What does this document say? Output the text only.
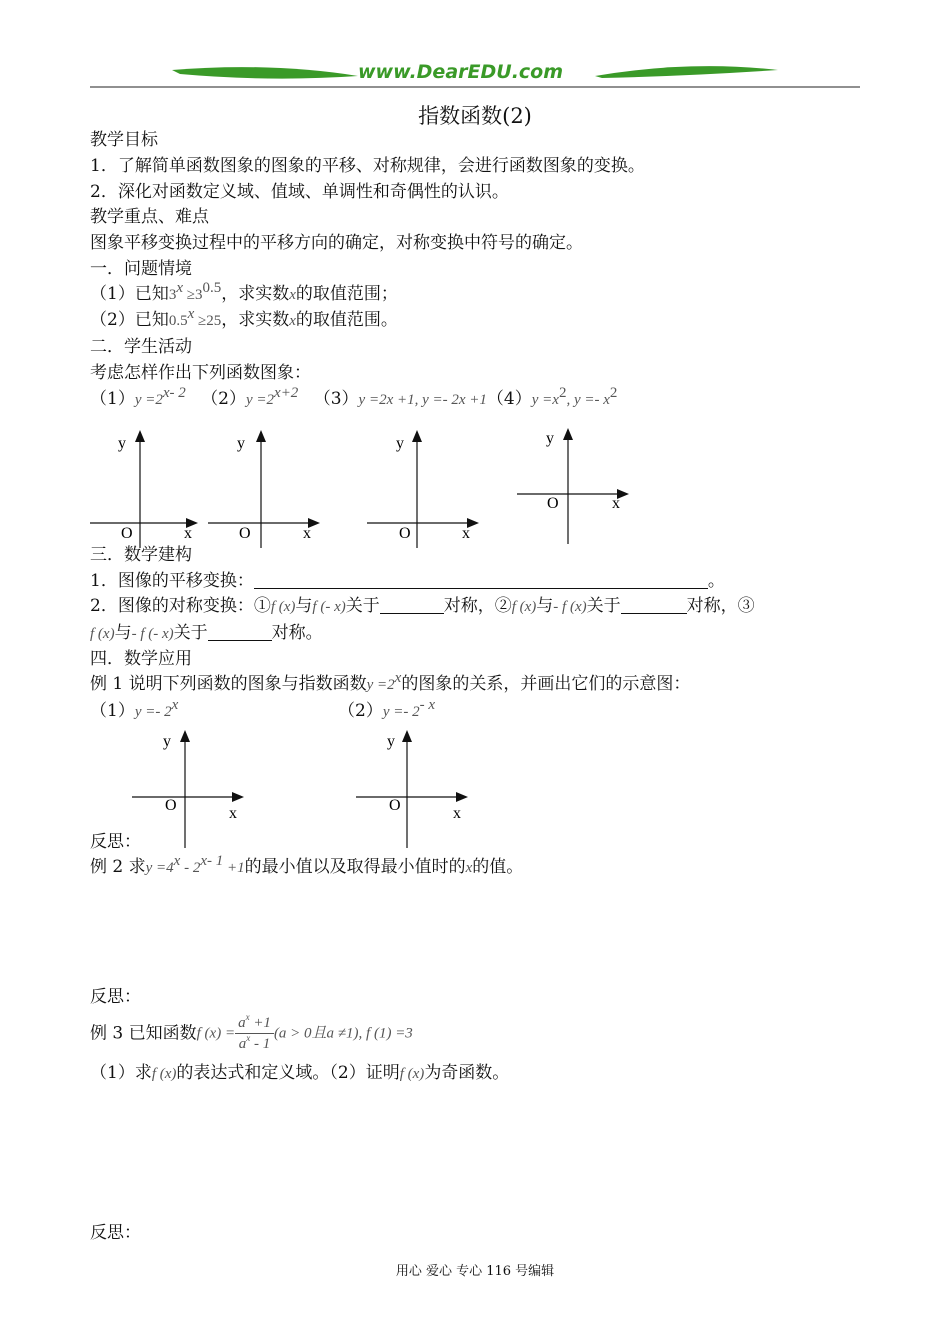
www.DearEDU.com
指数函数(2)
教学目标
1．了解简单函数图象的图象的平移、对称规律，会进行函数图象的变换。
2．深化对函数定义域、值域、单调性和奇偶性的认识。
教学重点、难点
图象平移变换过程中的平移方向的确定，对称变换中符号的确定。
一．问题情境
（1）已知$3^x \ge 3^{0.5}$，求实数x的取值范围；
（2）已知$0.5^x \ge 25$，求实数x的取值范围。
二．学生活动
考虑怎样作出下列函数图象：
$(1)y =2^{x- 2}$ $(2)y =2^{x+2}$ （3）y =2x +1, $y =- 2x +1(4)y =x^2$, $y =- x^2$
y
O	x
y
O	x
y
O	x
y
O	x
三．数学建构
1．图像的平移变换：	。
2．图像的对称变换：①f (x)与f (- x)关于	对称，②f (x)与- f (x)关于	对称，③
f (x)与- f (- x)关于	对称。
四．数学应用
例 1 说明下列函数的图象与指数函数$y =2^x$的图象的关系，并画出它们的示意图：
（1）y =- 2$^x$	$(2)y =- 2^{- x}$
y
O	x
y
O	x
反思：
例 2 求$y =4^x - 2^{x- 1} +1$的最小值以及取得最小值时的x的值。
反思：
例 3 已知函数f $(x) = \frac{a^x +1}{a^x - 1} (a > 0$且a ≠1), f (1) =3
（1）求f (x)的表达式和定义域。（2）证明f (x)为奇函数。
反思：
用心 爱心 专心 116 号编辑
